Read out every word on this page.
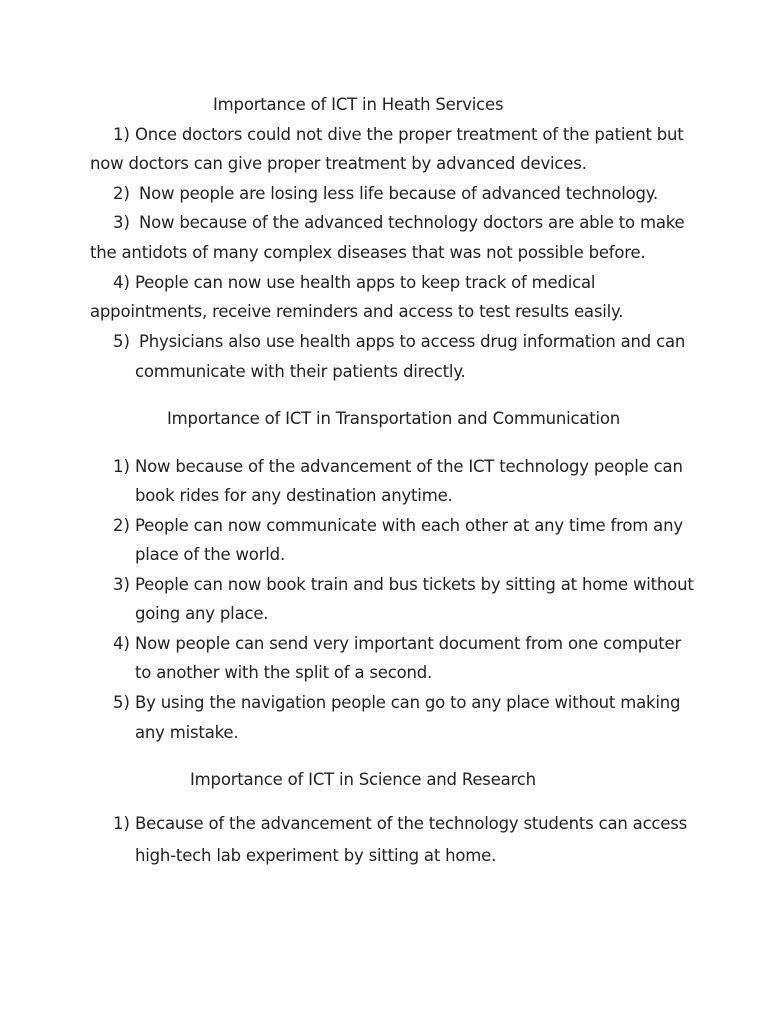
Importance of ICT in Heath Services
1) Once doctors could not dive the proper treatment of the patient but
now doctors can give proper treatment by advanced devices.
2) Now people are losing less life because of advanced technology.
3) Now because of the advanced technology doctors are able to make
the antidots of many complex diseases that was not possible before.
4) People can now use health apps to keep track of medical
appointments, receive reminders and access to test results easily.
5) Physicians also use health apps to access drug information and can
communicate with their patients directly.
Importance of ICT in Transportation and Communication
1) Now because of the advancement of the ICT technology people can
book rides for any destination anytime.
2) People can now communicate with each other at any time from any
place of the world.
3) People can now book train and bus tickets by sitting at home without
going any place.
4) Now people can send very important document from one computer
to another with the split of a second.
5) By using the navigation people can go to any place without making
any mistake.
Importance of ICT in Science and Research
1) Because of the advancement of the technology students can access
high-tech lab experiment by sitting at home.
